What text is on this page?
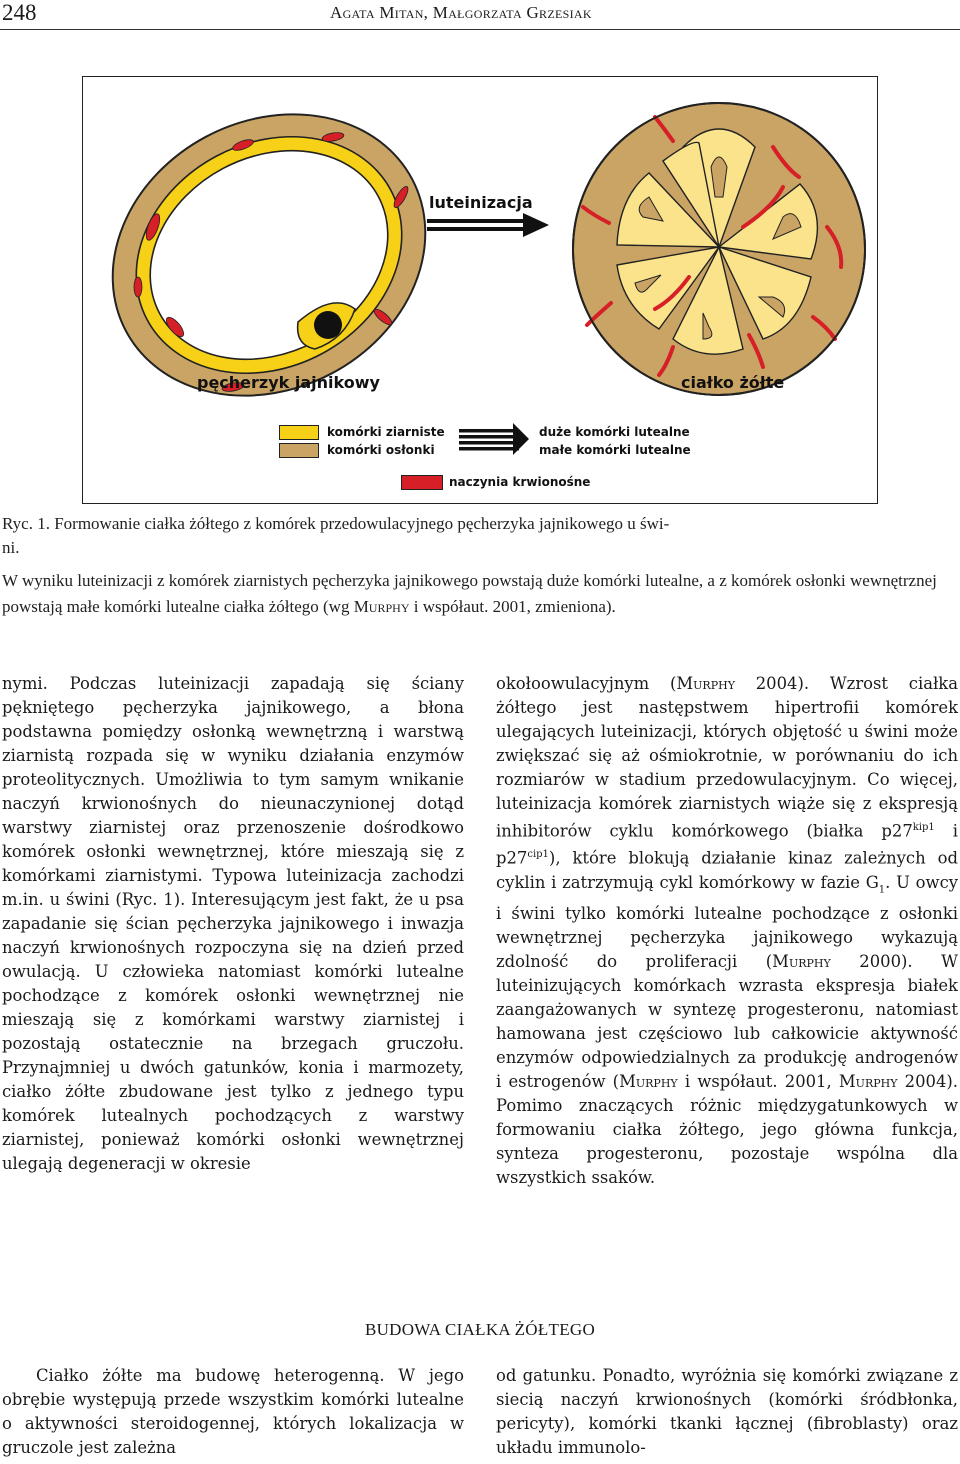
248	Agata Mitan, Małgorzata Grzesiak
luteinizacja
pęcherzyk jajnikowy	ciałko żółte
komórki ziarniste
komórki osłonki
duże komórki lutealne
małe komórki lutealne
naczynia krwionośne

Ryc. 1. Formowanie ciałka żółtego z komórek przedowulacyjnego pęcherzyka jajnikowego u świ-

ni.

W wyniku luteinizacji z komórek ziarnistych pęcherzyka jajnikowego powstają duże komórki lutealne, a z komórek osłonki wewnętrznej powstają małe komórki lutealne ciałka żółtego (wg Murphy i współaut. 2001, zmieniona).

nymi. Podczas luteinizacji zapadają się ściany pękniętego pęcherzyka jajnikowego, a błona podstawna pomiędzy osłonką wewnętrzną i warstwą ziarnistą rozpada się w wyniku działania enzymów proteolitycznych. Umożliwia to tym samym wnikanie naczyń krwionośnych do nieunaczynionej dotąd warstwy ziarnistej oraz przenoszenie dośrodkowo komórek osłonki wewnętrznej, które mieszają się z komórkami ziarnistymi. Typowa luteinizacja zachodzi m.in. u świni (Ryc. 1). Interesującym jest fakt, że u psa zapadanie się ścian pęcherzyka jajnikowego i inwazja naczyń krwionośnych rozpoczyna się na dzień przed owulacją. U człowieka natomiast komórki lutealne pochodzące z komórek osłonki wewnętrznej nie mieszają się z komórkami warstwy ziarnistej i pozostają ostatecznie na brzegach gruczołu. Przynajmniej u dwóch gatunków, konia i marmozety, ciałko żółte zbudowane jest tylko z jednego typu komórek lutealnych pochodzących z warstwy ziarnistej, ponieważ komórki osłonki wewnętrznej ulegają degeneracji w okresie

okołoowulacyjnym (Murphy 2004). Wzrost ciałka żółtego jest następstwem hipertrofii komórek ulegających luteinizacji, których objętość u świni może zwiększać się aż ośmiokrotnie, w porównaniu do ich rozmiarów w stadium przedowulacyjnym. Co więcej, luteinizacja komórek ziarnistych wiąże się z ekspresją inhibitorów cyklu komórkowego (białka $p27^{kip1}$ i $p27^{cip1}$), które blokują działanie kinaz zależnych od cyklin i zatrzymują cykl komórkowy w fazie $G_1$. U owcy i świni tylko komórki lutealne pochodzące z osłonki wewnętrznej pęcherzyka jajnikowego wykazują zdolność do proliferacji (Murphy 2000). W luteinizujących komórkach wzrasta ekspresja białek zaangażowanych w syntezę progesteronu, natomiast hamowana jest częściowo lub całkowicie aktywność enzymów odpowiedzialnych za produkcję androgenów i estrogenów (Murphy i współaut. 2001, Murphy 2004). Pomimo znaczących różnic międzygatunkowych w formowaniu ciałka żółtego, jego główna funkcja, synteza progesteronu, pozostaje wspólna dla wszystkich ssaków.

BUDOWA CIAŁKA ŻÓŁTEGO

Ciałko żółte ma budowę heterogenną. W jego obrębie występują przede wszystkim komórki lutealne o aktywności steroidogennej, których lokalizacja w gruczole jest zależna

od gatunku. Ponadto, wyróżnia się komórki związane z siecią naczyń krwionośnych (komórki śródbłonka, pericyty), komórki tkanki łącznej (fibroblasty) oraz układu immunolo-
